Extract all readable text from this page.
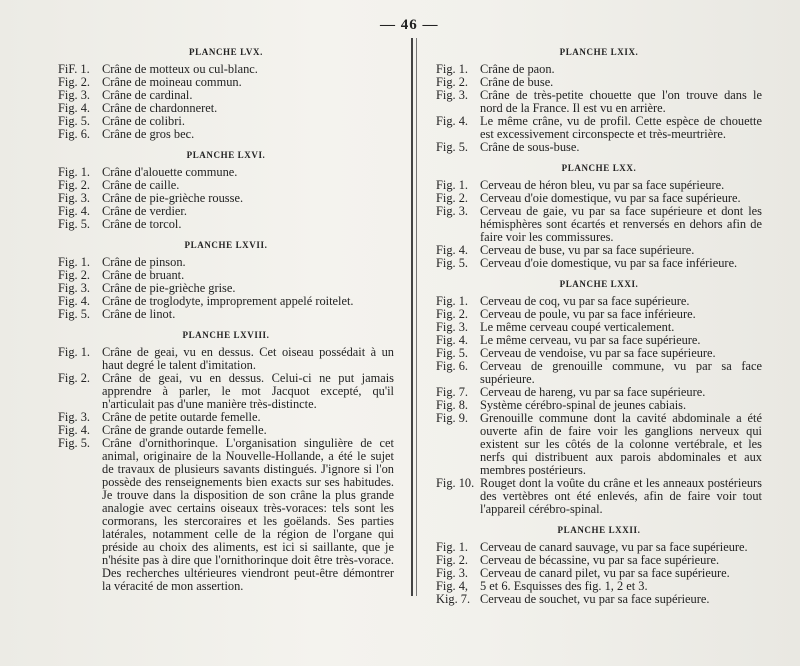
— 46 —

PLANCHE LVX.
FiF. 1. Crâne de motteux ou cul-blanc.
Fig. 2. Crâne de moineau commun.
Fig. 3. Crâne de cardinal.
Fig. 4. Crâne de chardonneret.
Fig. 5. Crâne de colibri.
Fig. 6. Crâne de gros bec.
PLANCHE LXVI.
Fig. 1. Crâne d'alouette commune.
Fig. 2. Crâne de caille.
Fig. 3. Crâne de pie-grièche rousse.
Fig. 4. Crâne de verdier.
Fig. 5. Crâne de torcol.
PLANCHE LXVII.
Fig. 1. Crâne de pinson.
Fig. 2. Crâne de bruant.
Fig. 3. Crâne de pie-grièche grise.
Fig. 4. Crâne de troglodyte, improprement appelé roitelet.
Fig. 5. Crâne de linot.
PLANCHE LXVIII.
Fig. 1. Crâne de geai, vu en dessus. Cet oiseau possédait à un haut degré le talent d'imitation.
Fig. 2. Crâne de geai, vu en dessus. Celui-ci ne put jamais apprendre à parler, le mot Jacquot excepté, qu'il n'articulait pas d'une manière très-distincte.
Fig. 3. Crâne de petite outarde femelle.
Fig. 4. Crâne de grande outarde femelle.
Fig. 5. Crâne d'ornithorinque. L'organisation singulière de cet animal, originaire de la Nouvelle-Hollande, a été le sujet de travaux de plusieurs savants distingués. J'ignore si l'on possède des renseignements bien exacts sur ses habitudes. Je trouve dans la disposition de son crâne la plus grande analogie avec certains oiseaux très-voraces: tels sont les cormorans, les stercoraires et les goëlands. Ses parties latérales, notamment celle de la région de l'organe qui préside au choix des aliments, est ici si saillante, que je n'hésite pas à dire que l'ornithorinque doit être très-vorace. Des recherches ultérieures viendront peut-être démontrer la véracité de mon assertion.
PLANCHE LXIX.
Fig. 1. Crâne de paon.
Fig. 2. Crâne de buse.
Fig. 3. Crâne de très-petite chouette que l'on trouve dans le nord de la France. Il est vu en arrière.
Fig. 4. Le même crâne, vu de profil. Cette espèce de chouette est excessivement circonspecte et très-meurtrière.
Fig. 5. Crâne de sous-buse.
PLANCHE LXX.
Fig. 1. Cerveau de héron bleu, vu par sa face supérieure.
Fig. 2. Cerveau d'oie domestique, vu par sa face supérieure.
Fig. 3. Cerveau de gaie, vu par sa face supérieure et dont les hémisphères sont écartés et renversés en dehors afin de faire voir les commissures.
Fig. 4. Cerveau de buse, vu par sa face supérieure.
Fig. 5. Cerveau d'oie domestique, vu par sa face inférieure.
PLANCHE LXXI.
Fig. 1. Cerveau de coq, vu par sa face supérieure.
Fig. 2. Cerveau de poule, vu par sa face inférieure.
Fig. 3. Le même cerveau coupé verticalement.
Fig. 4. Le même cerveau, vu par sa face supérieure.
Fig. 5. Cerveau de vendoise, vu par sa face supérieure.
Fig. 6. Cerveau de grenouille commune, vu par sa face supérieure.
Fig. 7. Cerveau de hareng, vu par sa face supérieure.
Fig. 8. Système cérébro-spinal de jeunes cabiais.
Fig. 9. Grenouille commune dont la cavité abdominale a été ouverte afin de faire voir les ganglions nerveux qui existent sur les côtés de la colonne vertébrale, et les nerfs qui distribuent aux parois abdominales et aux membres postérieurs.
Fig. 10. Rouget dont la voûte du crâne et les anneaux postérieurs des vertèbres ont été enlevés, afin de faire voir tout l'appareil cérébro-spinal.
PLANCHE LXXII.
Fig. 1. Cerveau de canard sauvage, vu par sa face supérieure.
Fig. 2. Cerveau de bécassine, vu par sa face supérieure.
Fig. 3. Cerveau de canard pilet, vu par sa face supérieure.
Fig. 4, 5 et 6. Esquisses des fig. 1, 2 et 3.
Kig. 7. Cerveau de souchet, vu par sa face supérieure.
